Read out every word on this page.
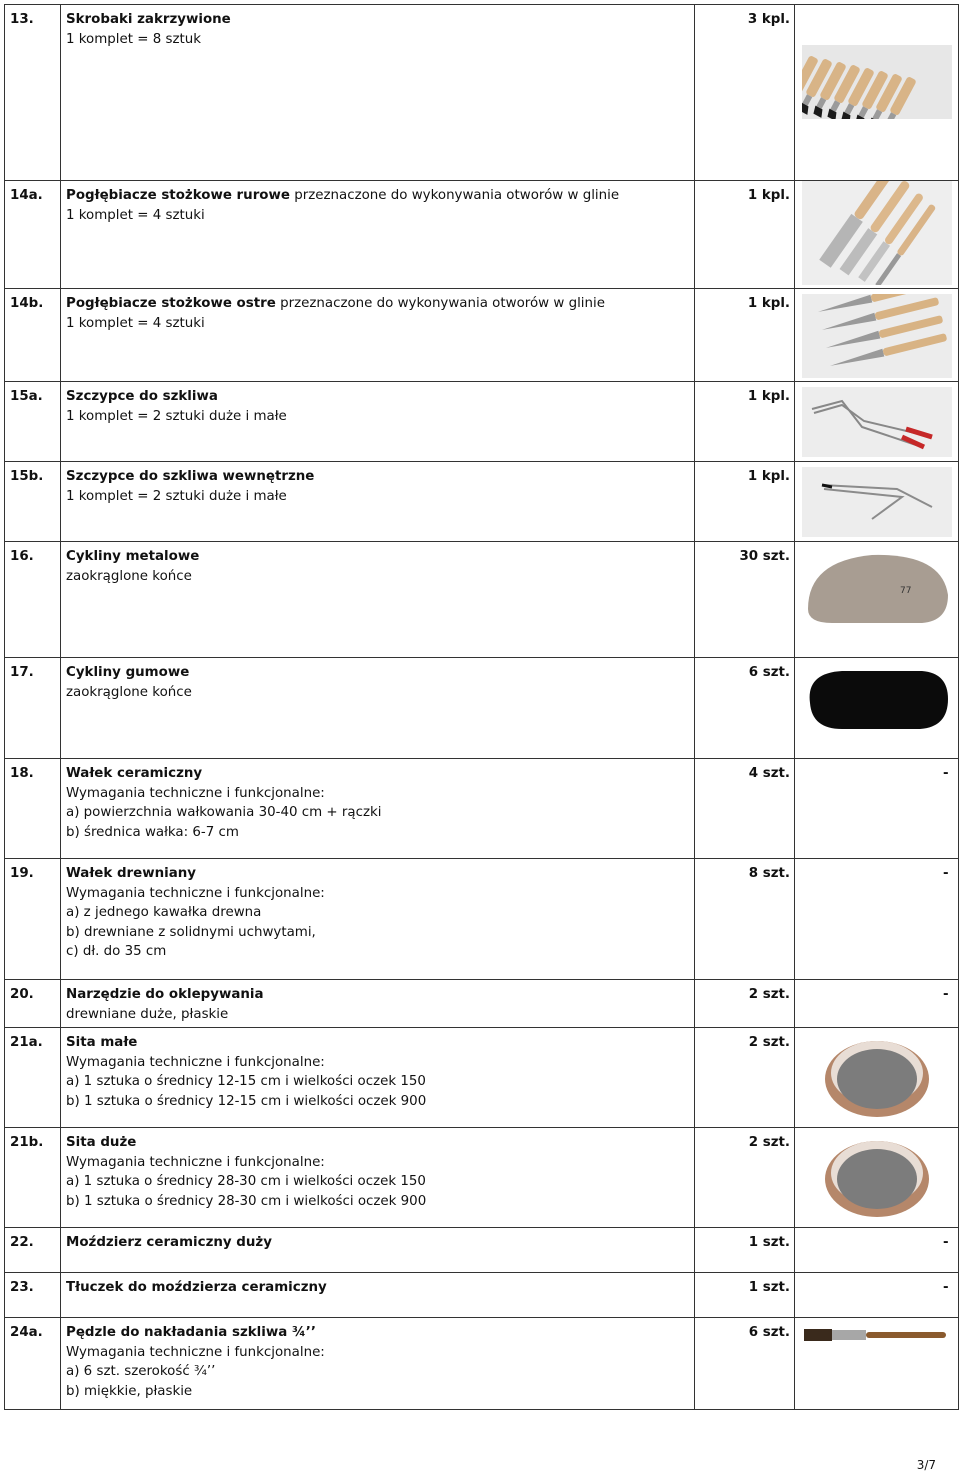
13.	Skrobaki zakrzywione
1 komplet = 8 sztuk	3 kpl.	

14a.	Pogłębiacze stożkowe rurowe przeznaczone do wykonywania otworów w glinie
1 komplet = 4 sztuki	1 kpl.	

14b.	Pogłębiacze stożkowe ostre przeznaczone do wykonywania otworów w glinie
1 komplet = 4 sztuki	1 kpl.	

15a.	Szczypce do szkliwa
1 komplet = 2 sztuki duże i małe	1 kpl.	

15b.	Szczypce do szkliwa wewnętrzne
1 komplet = 2 sztuki duże i małe	1 kpl.	

16.	Cykliny metalowe
zaokrąglone końce	30 szt.	77

17.	Cykliny gumowe
zaokrąglone końce	6 szt.	

18.	Wałek ceramiczny
Wymagania techniczne i funkcjonalne:
a) powierzchnia wałkowania 30-40 cm + rączki
b) średnica wałka: 6-7 cm	4 szt.	-
19.	Wałek drewniany
Wymagania techniczne i funkcjonalne:
a) z jednego kawałka drewna
b) drewniane z solidnymi uchwytami,
c) dł. do 35 cm	8 szt.	-
20.	Narzędzie do oklepywania
drewniane duże, płaskie	2 szt.	-
21a.	Sita małe
Wymagania techniczne i funkcjonalne:
a) 1 sztuka o średnicy 12-15 cm i wielkości oczek 150
b) 1 sztuka o średnicy 12-15 cm i wielkości oczek 900	2 szt.	

21b.	Sita duże
Wymagania techniczne i funkcjonalne:
a) 1 sztuka o średnicy 28-30 cm i wielkości oczek 150
b) 1 sztuka o średnicy 28-30 cm i wielkości oczek 900	2 szt.	

22.	Moździerz ceramiczny duży	1 szt.	-
23.	Tłuczek do moździerza ceramiczny	1 szt.	-
24a.	Pędzle do nakładania szkliwa ¾’’
Wymagania techniczne i funkcjonalne:
a) 6 szt. szerokość ¾’’
b) miękkie, płaskie	6 szt.	
3/7
